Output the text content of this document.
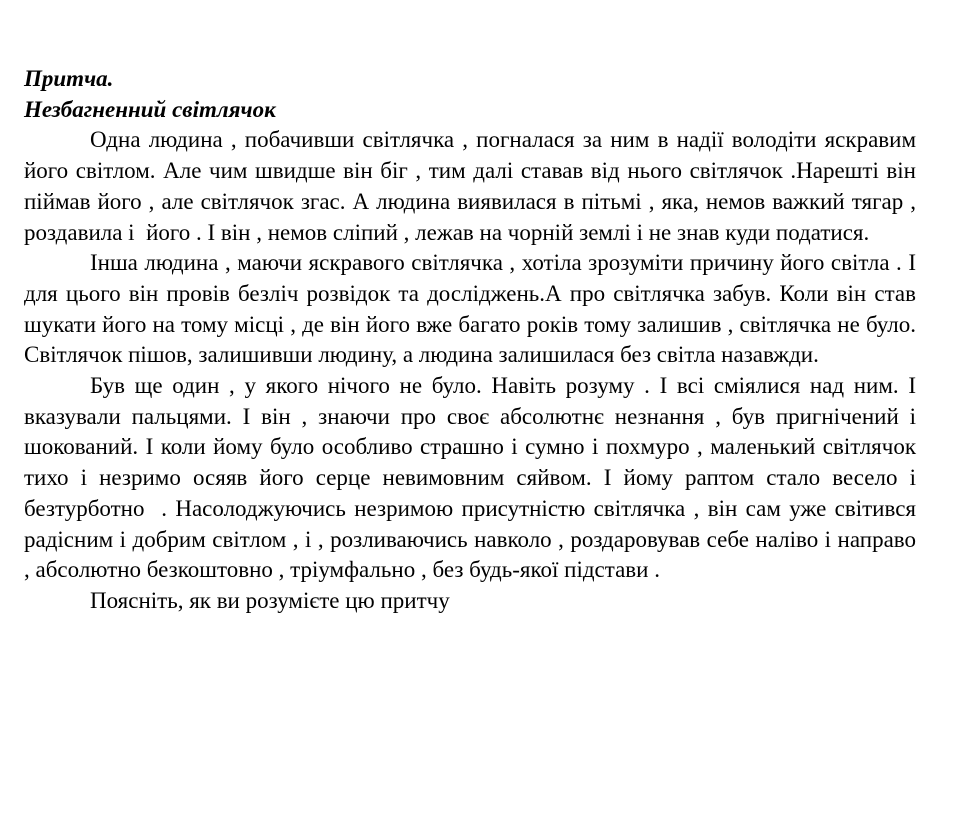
Притча.

Незбагненний світлячок

Одна людина , побачивши світлячка , погналася за ним в надії володіти яскравим його світлом. Але чим швидше він біг , тим далі ставав від нього світлячок .Нарешті він піймав його , але світлячок згас. А людина виявилася в пітьмі , яка, немов важкий тягар , роздавила і  його . І він , немов сліпий , лежав на чорній землі і не знав куди податися.

Інша людина , маючи яскравого світлячка , хотіла зрозуміти причину його світла . І для цього він провів безліч розвідок та досліджень.А про світлячка забув. Коли він став шукати його на тому місці , де він його вже багато років тому залишив , світлячка не було. Світлячок пішов, залишивши людину, а людина залишилася без світла назавжди.

Був ще один , у якого нічого не було. Навіть розуму . І всі сміялися над ним. І вказували пальцями. І він , знаючи про своє абсолютнє незнання , був пригнічений і шокований. І коли йому було особливо страшно і сумно і похмуро , маленький світлячок тихо і незримо осяяв його серце невимовним сяйвом. І йому раптом стало весело і безтурботно  . Насолоджуючись незримою присутністю світлячка , він сам уже світився радісним і добрим світлом , і , розливаючись навколо , роздаровував себе наліво і направо , абсолютно безкоштовно , тріумфально , без будь-якої підстави .

Поясніть, як ви розумієте цю притчу
